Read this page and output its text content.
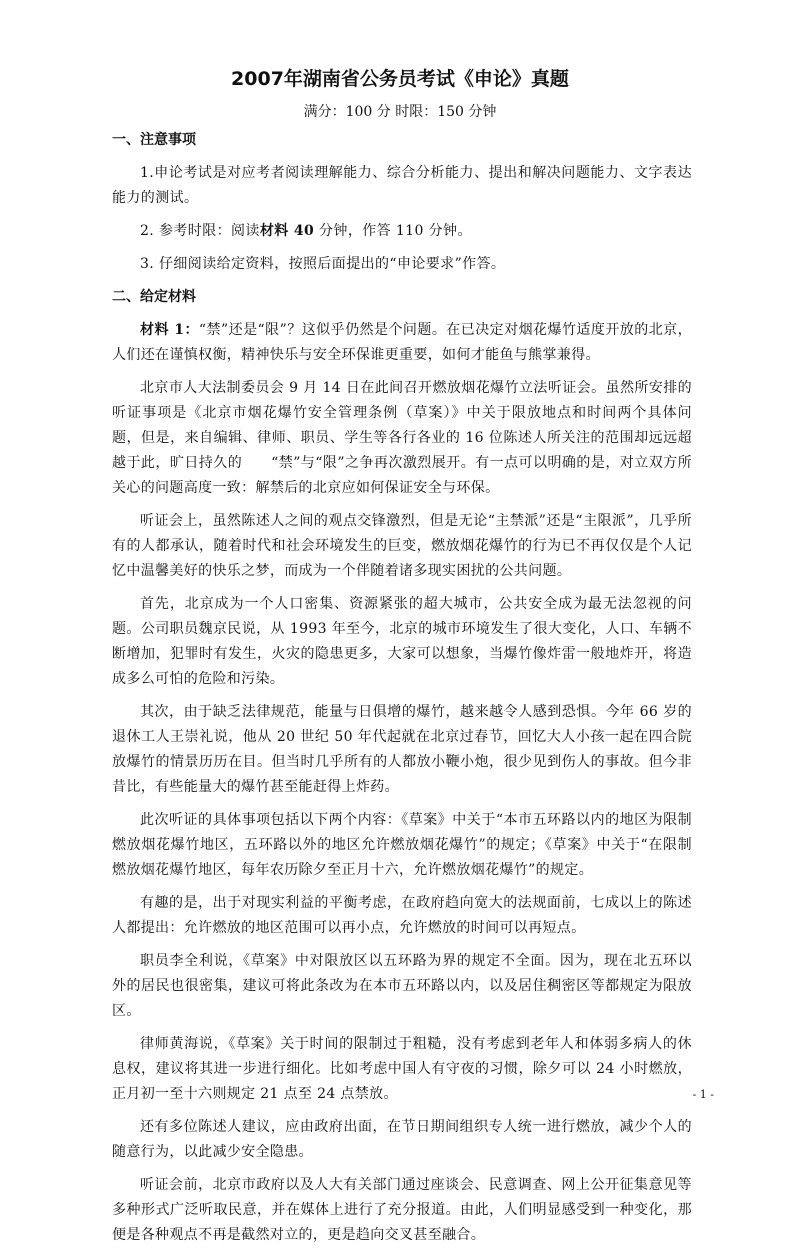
2007年湖南省公务员考试《申论》真题
满分：100 分 时限：150 分钟
一、注意事项

1.申论考试是对应考者阅读理解能力、综合分析能力、提出和解决问题能力、文字表达能力的测试。

2. 参考时限：阅读材料 40 分钟，作答 110 分钟。

3. 仔细阅读给定资料，按照后面提出的“申论要求”作答。

二、给定材料

材料 1：“禁”还是“限”？这似乎仍然是个问题。在已决定对烟花爆竹适度开放的北京，人们还在谨慎权衡，精神快乐与安全环保谁更重要，如何才能鱼与熊掌兼得。

北京市人大法制委员会 9 月 14 日在此间召开燃放烟花爆竹立法听证会。虽然所安排的听证事项是《北京市烟花爆竹安全管理条例（草案）》中关于限放地点和时间两个具体问题，但是，来自编辑、律师、职员、学生等各行各业的 16 位陈述人所关注的范围却远远超越于此，旷日持久的　　“禁”与“限”之争再次激烈展开。有一点可以明确的是，对立双方所关心的问题高度一致：解禁后的北京应如何保证安全与环保。

听证会上，虽然陈述人之间的观点交锋激烈，但是无论“主禁派”还是“主限派”，几乎所有的人都承认，随着时代和社会环境发生的巨变，燃放烟花爆竹的行为已不再仅仅是个人记忆中温馨美好的快乐之梦，而成为一个伴随着诸多现实困扰的公共问题。

首先，北京成为一个人口密集、资源紧张的超大城市，公共安全成为最无法忽视的问题。公司职员魏京民说，从 1993 年至今，北京的城市环境发生了很大变化，人口、车辆不断增加，犯罪时有发生，火灾的隐患更多，大家可以想象，当爆竹像炸雷一般地炸开，将造成多么可怕的危险和污染。

其次，由于缺乏法律规范，能量与日俱增的爆竹，越来越令人感到恐惧。今年 66 岁的退休工人王崇礼说，他从 20 世纪 50 年代起就在北京过春节，回忆大人小孩一起在四合院放爆竹的情景历历在目。但当时几乎所有的人都放小鞭小炮，很少见到伤人的事故。但今非昔比，有些能量大的爆竹甚至能赶得上炸药。

此次听证的具体事项包括以下两个内容：《草案》中关于“本市五环路以内的地区为限制燃放烟花爆竹地区，五环路以外的地区允许燃放烟花爆竹”的规定；《草案》中关于“在限制燃放烟花爆竹地区，每年农历除夕至正月十六，允许燃放烟花爆竹”的规定。

有趣的是，出于对现实利益的平衡考虑，在政府趋向宽大的法规面前，七成以上的陈述人都提出：允许燃放的地区范围可以再小点，允许燃放的时间可以再短点。

职员李全利说，《草案》中对限放区以五环路为界的规定不全面。因为，现在北五环以外的居民也很密集，建议可将此条改为在本市五环路以内，以及居住稠密区等都规定为限放区。

律师黄海说，《草案》关于时间的限制过于粗糙，没有考虑到老年人和体弱多病人的休息权，建议将其进一步进行细化。比如考虑中国人有守夜的习惯，除夕可以 24 小时燃放，正月初一至十六则规定 21 点至 24 点禁放。

还有多位陈述人建议，应由政府出面，在节日期间组织专人统一进行燃放，减少个人的随意行为，以此减少安全隐患。

听证会前，北京市政府以及人大有关部门通过座谈会、民意调查、网上公开征集意见等多种形式广泛听取民意，并在媒体上进行了充分报道。由此，人们明显感受到一种变化，那便是各种观点不再是截然对立的，更是趋向交叉甚至融合。

- 1 -
